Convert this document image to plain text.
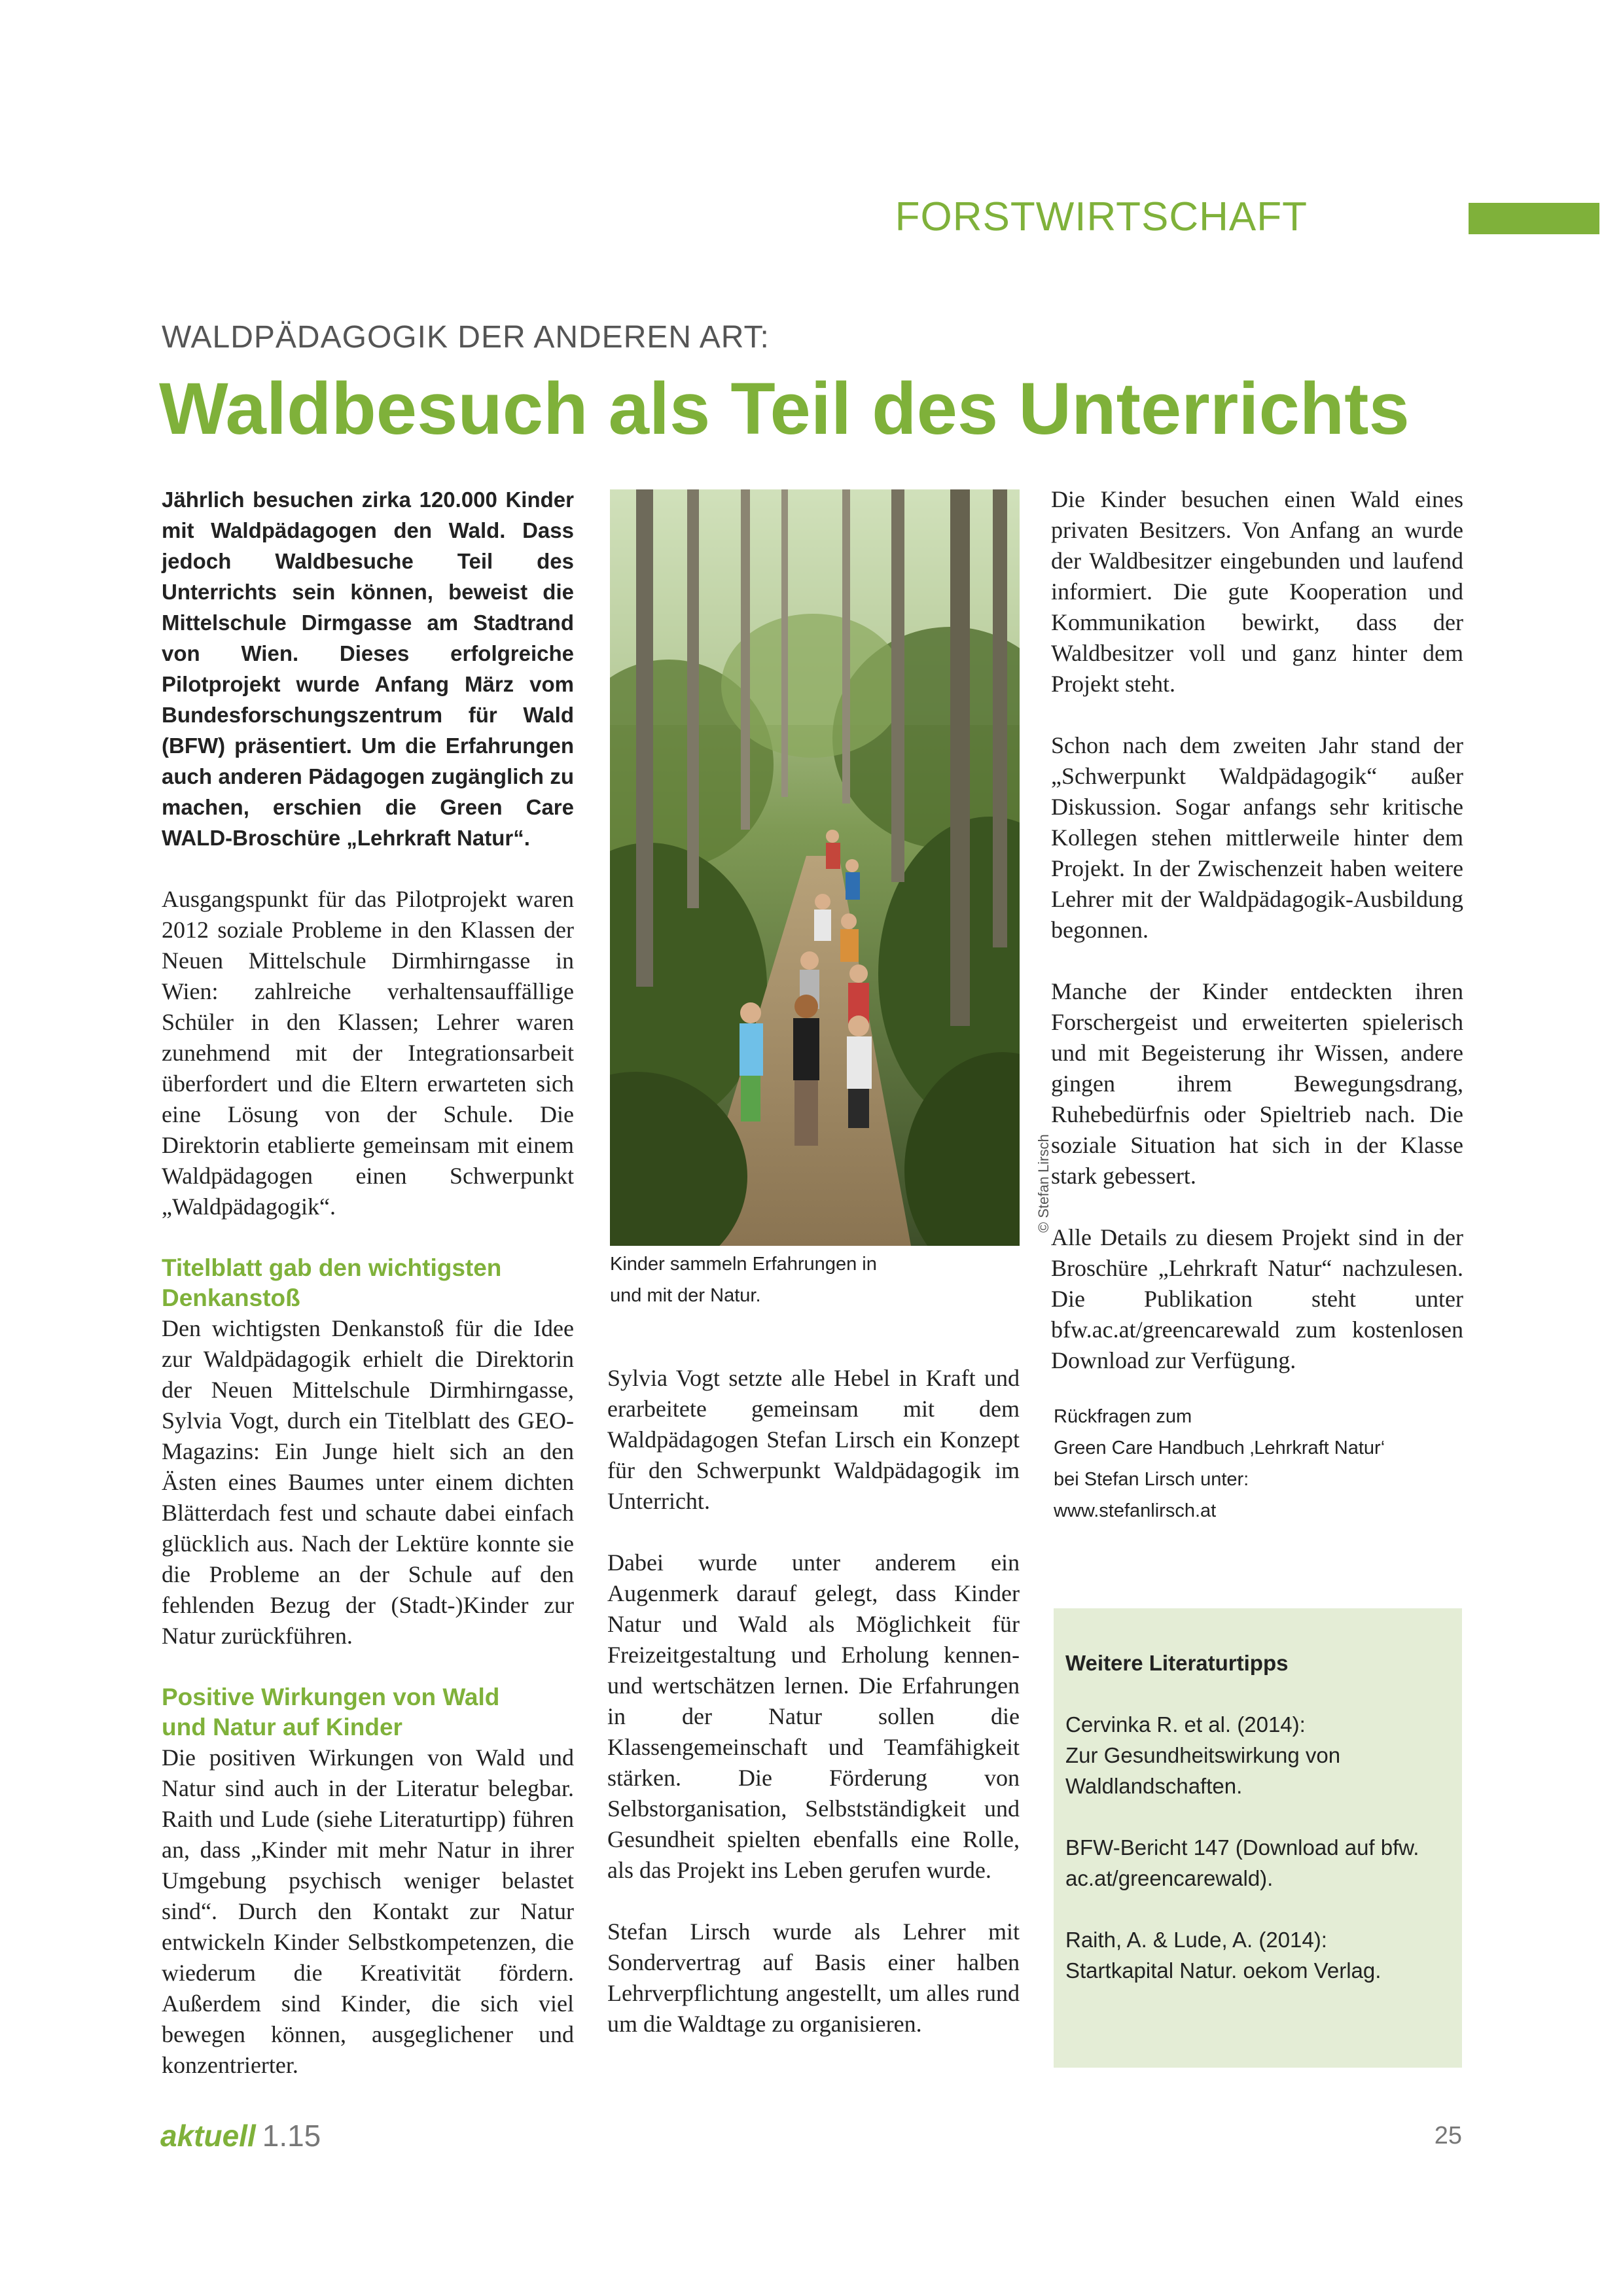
FORSTWIRTSCHAFT
WALDPÄDAGOGIK DER ANDEREN ART:
Waldbesuch als Teil des Unterrichts

Jährlich besuchen zirka 120.000 Kinder mit Waldpädagogen den Wald. Dass jedoch Waldbesuche Teil des Unterrichts sein können, beweist die Mittelschule Dirmgasse am Stadtrand von Wien. Dieses erfolgreiche Pilotprojekt wurde Anfang März vom Bundesforschungszentrum für Wald (BFW) präsentiert. Um die Erfahrungen auch anderen Pädagogen zugänglich zu machen, erschien die Green Care WALD-Broschüre „Lehrkraft Natur“.

Ausgangspunkt für das Pilotprojekt waren 2012 soziale Probleme in den Klassen der Neuen Mittelschule Dirmhirngasse in Wien: zahlreiche verhaltensauffällige Schüler in den Klassen; Lehrer waren zunehmend mit der Integrationsarbeit überfordert und die Eltern erwarteten sich eine Lösung von der Schule. Die Direktorin etablierte gemeinsam mit einem Waldpädagogen einen Schwerpunkt „Waldpädagogik“.

Titelblatt gab den wichtigsten
Denkanstoß

Den wichtigsten Denkanstoß für die Idee zur Waldpädagogik erhielt die Direktorin der Neuen Mittelschule Dirmhirngasse, Sylvia Vogt, durch ein Titelblatt des GEO-Magazins: Ein Junge hielt sich an den Ästen eines Baumes unter einem dichten Blätterdach fest und schaute dabei einfach glücklich aus. Nach der Lektüre konnte sie die Probleme an der Schule auf den fehlenden Bezug der (Stadt-)Kinder zur Natur zurückführen.

Positive Wirkungen von Wald
und Natur auf Kinder

Die positiven Wirkungen von Wald und Natur sind auch in der Literatur belegbar. Raith und Lude (siehe Literaturtipp) führen an, dass „Kinder mit mehr Natur in ihrer Umgebung psychisch weniger belastet sind“. Durch den Kontakt zur Natur entwickeln Kinder Selbstkompetenzen, die wiederum die Kreativität fördern. Außerdem sind Kinder, die sich viel bewegen können, ausgeglichener und konzentrierter.

© Stefan Lirsch
Kinder sammeln Erfahrungen in
und mit der Natur.

Sylvia Vogt setzte alle Hebel in Kraft und erarbeitete gemeinsam mit dem Waldpädagogen Stefan Lirsch ein Konzept für den Schwerpunkt Waldpädagogik im Unterricht.

Dabei wurde unter anderem ein Augenmerk darauf gelegt, dass Kinder Natur und Wald als Möglichkeit für Freizeitgestaltung und Erholung kennen- und wertschätzen lernen. Die Erfahrungen in der Natur sollen die Klassengemeinschaft und Teamfähigkeit stärken. Die Förderung von Selbstorganisation, Selbstständigkeit und Gesundheit spielten ebenfalls eine Rolle, als das Projekt ins Leben gerufen wurde.

Stefan Lirsch wurde als Lehrer mit Sondervertrag auf Basis einer halben Lehrverpflichtung angestellt, um alles rund um die Waldtage zu organisieren.

Die Kinder besuchen einen Wald eines privaten Besitzers. Von Anfang an wurde der Waldbesitzer eingebunden und laufend informiert. Die gute Kooperation und Kommunikation bewirkt, dass der Waldbesitzer voll und ganz hinter dem Projekt steht.

Schon nach dem zweiten Jahr stand der „Schwerpunkt Waldpädagogik“ außer Diskussion. Sogar anfangs sehr kritische Kollegen stehen mittlerweile hinter dem Projekt. In der Zwischenzeit haben weitere Lehrer mit der Waldpädagogik-Ausbildung begonnen.

Manche der Kinder entdeckten ihren Forschergeist und erweiterten spielerisch und mit Begeisterung ihr Wissen, andere gingen ihrem Bewegungsdrang, Ruhebedürfnis oder Spieltrieb nach. Die soziale Situation hat sich in der Klasse stark gebessert.

Alle Details zu diesem Projekt sind in der Broschüre „Lehrkraft Natur“ nachzulesen. Die Publikation steht unter bfw.ac.at/greencarewald zum kostenlosen Download zur Verfügung.

Rückfragen zum
Green Care Handbuch ‚Lehrkraft Natur‘
bei Stefan Lirsch unter:
www.stefanlirsch.at
Weitere Literaturtipps
Cervinka R. et al. (2014):
Zur Gesundheitswirkung von
Waldlandschaften.
BFW-Bericht 147 (Download auf bfw.
ac.at/greencarewald).
Raith, A. & Lude, A. (2014):
Startkapital Natur. oekom Verlag.
aktuell 1.15	25
